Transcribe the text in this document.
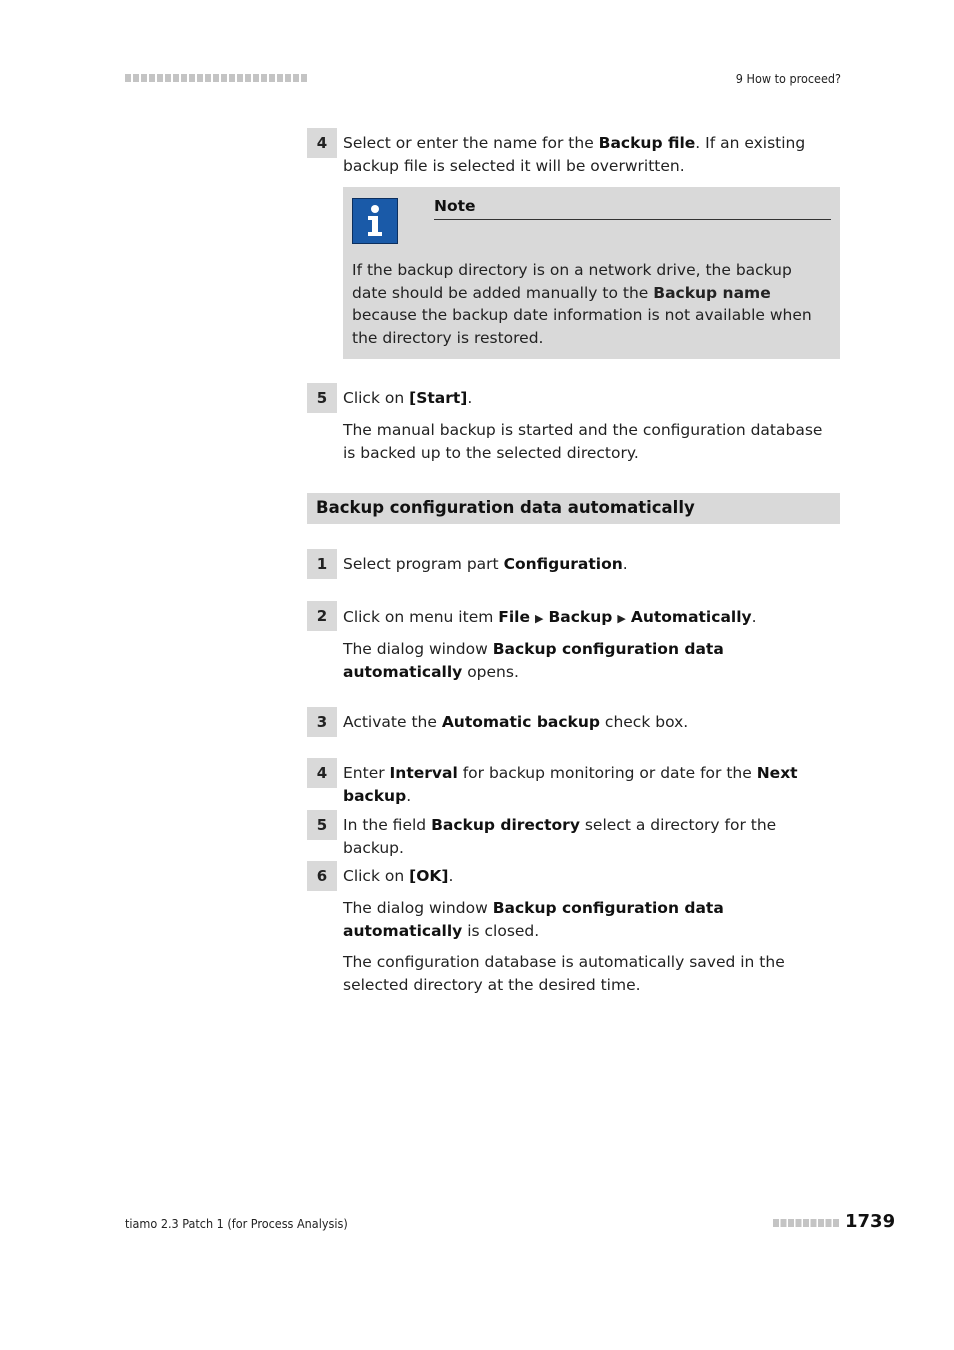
9 How to proceed?
4	Select or enter the name for the Backup file. If an existing backup file is selected it will be overwritten.
Note
If the backup directory is on a network drive, the backup date should be added manually to the Backup name because the backup date information is not available when the directory is restored.
5	Click on [Start].
The manual backup is started and the configuration database is backed up to the selected directory.
Backup configuration data automatically
1	Select program part Configuration.
2	Click on menu item File ▶ Backup ▶ Automatically.
The dialog window Backup configuration data automatically opens.
3	Activate the Automatic backup check box.
4	Enter Interval for backup monitoring or date for the Next backup.
5	In the field Backup directory select a directory for the backup.
6	Click on [OK].
The dialog window Backup configuration data automatically is closed.
The configuration database is automatically saved in the selected directory at the desired time.
tiamo 2.3 Patch 1 (for Process Analysis)	1739
